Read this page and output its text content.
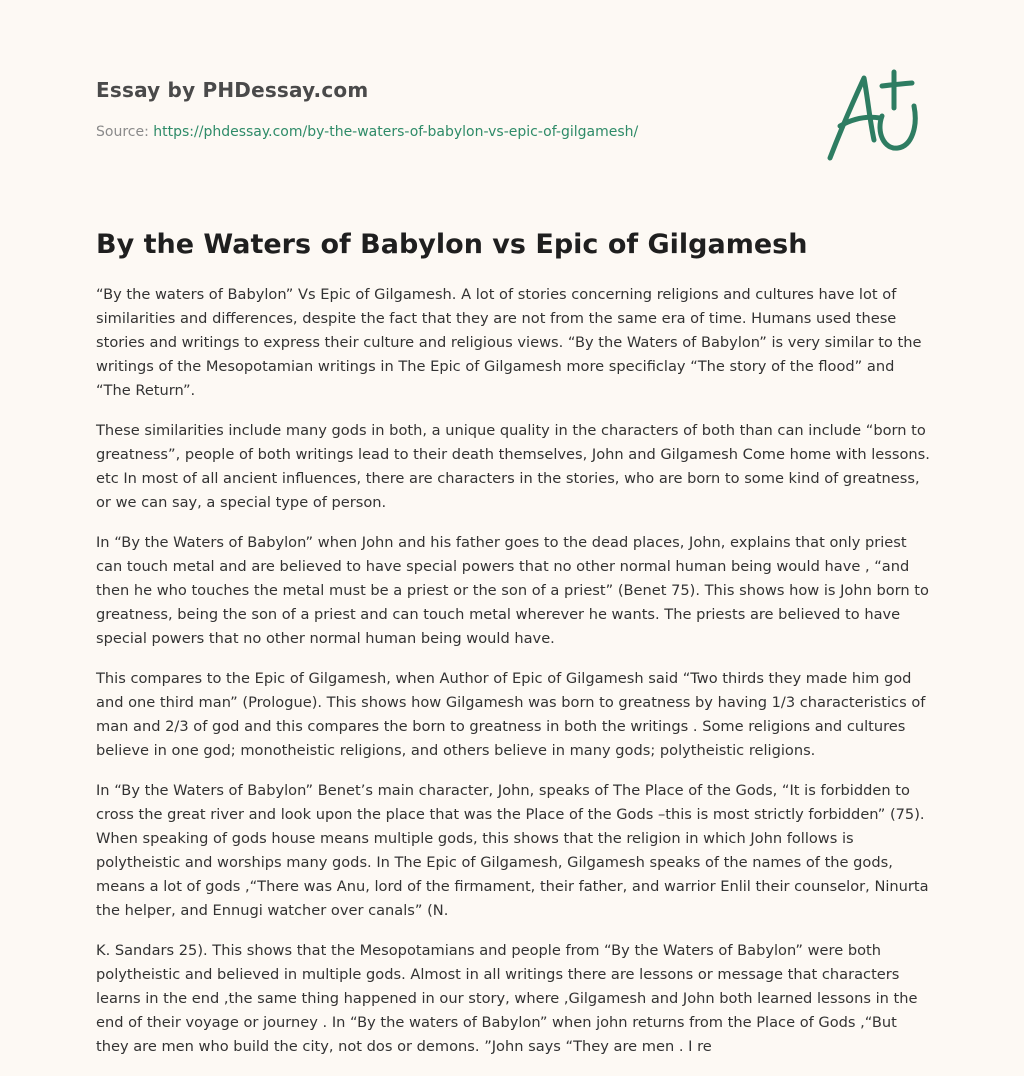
Essay by PHDessay.com
Source: https://phdessay.com/by-the-waters-of-babylon-vs-epic-of-gilgamesh/
By the Waters of Babylon vs Epic of Gilgamesh

“By the waters of Babylon” Vs Epic of Gilgamesh. A lot of stories concerning religions and cultures have lot of similarities and differences, despite the fact that they are not from the same era of time. Humans used these stories and writings to express their culture and religious views. “By the Waters of Babylon” is very similar to the writings of the Mesopotamian writings in The Epic of Gilgamesh more specificlay “The story of the flood” and “The Return”.

These similarities include many gods in both, a unique quality in the characters of both than can include “born to greatness”, people of both writings lead to their death themselves, John and Gilgamesh Come home with lessons. etc In most of all ancient influences, there are characters in the stories, who are born to some kind of greatness, or we can say, a special type of person.

In “By the Waters of Babylon” when John and his father goes to the dead places, John, explains that only priest can touch metal and are believed to have special powers that no other normal human being would have , “and then he who touches the metal must be a priest or the son of a priest” (Benet 75). This shows how is John born to greatness, being the son of a priest and can touch metal wherever he wants. The priests are believed to have special powers that no other normal human being would have.

This compares to the Epic of Gilgamesh, when Author of Epic of Gilgamesh said “Two thirds they made him god and one third man” (Prologue). This shows how Gilgamesh was born to greatness by having 1/3 characteristics of man and 2/3 of god and this compares the born to greatness in both the writings . Some religions and cultures believe in one god; monotheistic religions, and others believe in many gods; polytheistic religions.

In “By the Waters of Babylon” Benet’s main character, John, speaks of The Place of the Gods, “It is forbidden to cross the great river and look upon the place that was the Place of the Gods –this is most strictly forbidden” (75). When speaking of gods house means multiple gods, this shows that the religion in which John follows is polytheistic and worships many gods. In The Epic of Gilgamesh, Gilgamesh speaks of the names of the gods, means a lot of gods ,“There was Anu, lord of the firmament, their father, and warrior Enlil their counselor, Ninurta the helper, and Ennugi watcher over canals” (N.

K. Sandars 25). This shows that the Mesopotamians and people from “By the Waters of Babylon” were both polytheistic and believed in multiple gods. Almost in all writings there are lessons or message that characters learns in the end ,the same thing happened in our story, where ,Gilgamesh and John both learned lessons in the end of their voyage or journey . In “By the waters of Babylon” when john returns from the Place of Gods ,“But they are men who build the city, not dos or demons. ”John says “They are men . I re
